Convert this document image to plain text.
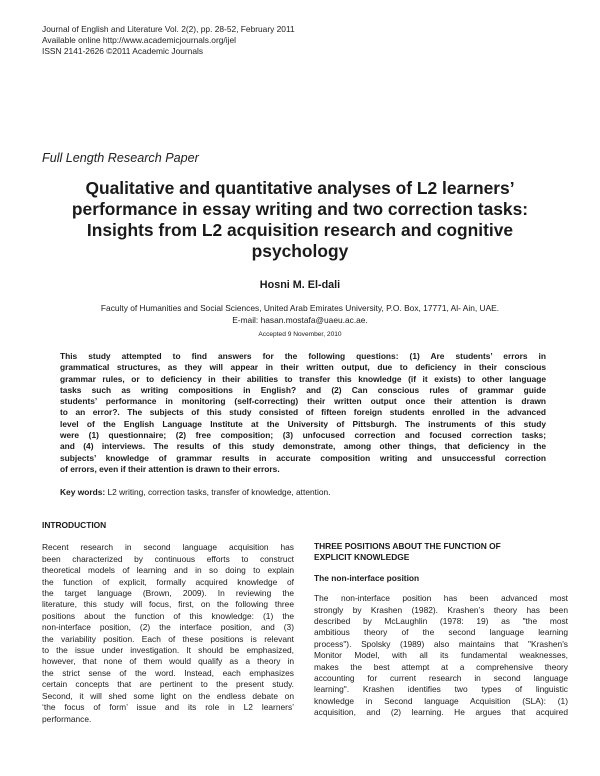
Journal of English and Literature Vol. 2(2), pp. 28-52, February 2011
Available online http://www.academicjournals.org/ijel
ISSN 2141-2626 ©2011 Academic Journals
Full Length Research Paper
Qualitative and quantitative analyses of L2 learners’
performance in essay writing and two correction tasks:
Insights from L2 acquisition research and cognitive
psychology
Hosni M. El-dali
Faculty of Humanities and Social Sciences, United Arab Emirates University, P.O. Box, 17771, Al- Ain, UAE.
E-mail: hasan.mostafa@uaeu.ac.ae.
Accepted 9 November, 2010
This study attempted to find answers for the following questions: (1) Are students’ errors in
grammatical structures, as they will appear in their written output, due to deficiency in their conscious
grammar rules, or to deficiency in their abilities to transfer this knowledge (if it exists) to other language
tasks such as writing compositions in English? and (2) Can conscious rules of grammar guide
students’ performance in monitoring (self-correcting) their written output once their attention is drawn
to an error?. The subjects of this study consisted of fifteen foreign students enrolled in the advanced
level of the English Language Institute at the University of Pittsburgh. The instruments of this study
were (1) questionnaire; (2) free composition; (3) unfocused correction and focused correction tasks;
and (4) interviews. The results of this study demonstrate, among other things, that deficiency in the
subjects’ knowledge of grammar results in accurate composition writing and unsuccessful correction
of errors, even if their attention is drawn to their errors.
Key words: L2 writing, correction tasks, transfer of knowledge, attention.
INTRODUCTION
Recent research in second language acquisition has
been characterized by continuous efforts to construct
theoretical models of learning and in so doing to explain
the function of explicit, formally acquired knowledge of
the target language (Brown, 2009). In reviewing the
literature, this study will focus, first, on the following three
positions about the function of this knowledge: (1) the
non-interface position, (2) the interface position, and (3)
the variability position. Each of these positions is relevant
to the issue under investigation. It should be emphasized,
however, that none of them would qualify as a theory in
the strict sense of the word. Instead, each emphasizes
certain concepts that are pertinent to the present study.
Second, it will shed some light on the endless debate on
‘the focus of form’ issue and its role in L2 learners’
performance.
THREE POSITIONS ABOUT THE FUNCTION OF
EXPLICIT KNOWLEDGE
The non-interface position
The non-interface position has been advanced most
strongly by Krashen (1982). Krashen’s theory has been
described by McLaughlin (1978: 19) as "the most
ambitious theory of the second language learning
process"). Spolsky (1989) also maintains that "Krashen's
Monitor Model, with all its fundamental weaknesses,
makes the best attempt at a comprehensive theory
accounting for current research in second language
learning". Krashen identifies two types of linguistic
knowledge in Second language Acquisition (SLA): (1)
acquisition, and (2) learning. He argues that acquired
